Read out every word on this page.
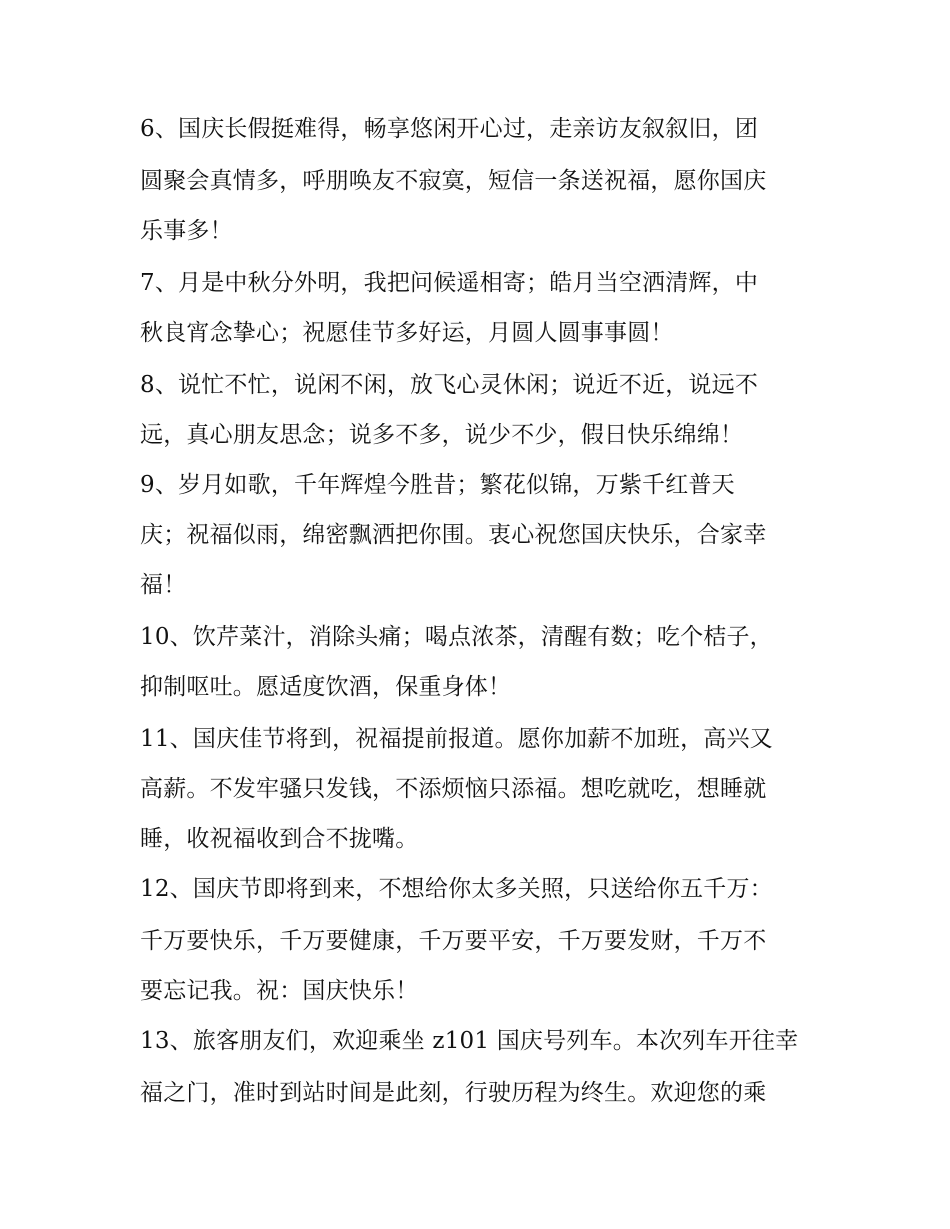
6、国庆长假挺难得，畅享悠闲开心过，走亲访友叙叙旧，团
圆聚会真情多，呼朋唤友不寂寞，短信一条送祝福，愿你国庆
乐事多！
7、月是中秋分外明，我把问候遥相寄；皓月当空洒清辉，中
秋良宵念挚心；祝愿佳节多好运，月圆人圆事事圆！
8、说忙不忙，说闲不闲，放飞心灵休闲；说近不近，说远不
远，真心朋友思念；说多不多，说少不少，假日快乐绵绵！
9、岁月如歌，千年辉煌今胜昔；繁花似锦，万紫千红普天
庆；祝福似雨，绵密飘洒把你围。衷心祝您国庆快乐，合家幸
福！
10、饮芹菜汁，消除头痛；喝点浓茶，清醒有数；吃个桔子，
抑制呕吐。愿适度饮酒，保重身体！
11、国庆佳节将到，祝福提前报道。愿你加薪不加班，高兴又
高薪。不发牢骚只发钱，不添烦恼只添福。想吃就吃，想睡就
睡，收祝福收到合不拢嘴。
12、国庆节即将到来，不想给你太多关照，只送给你五千万：
千万要快乐，千万要健康，千万要平安，千万要发财，千万不
要忘记我。祝：国庆快乐！
13、旅客朋友们，欢迎乘坐 z101 国庆号列车。本次列车开往幸
福之门，准时到站时间是此刻，行驶历程为终生。欢迎您的乘
